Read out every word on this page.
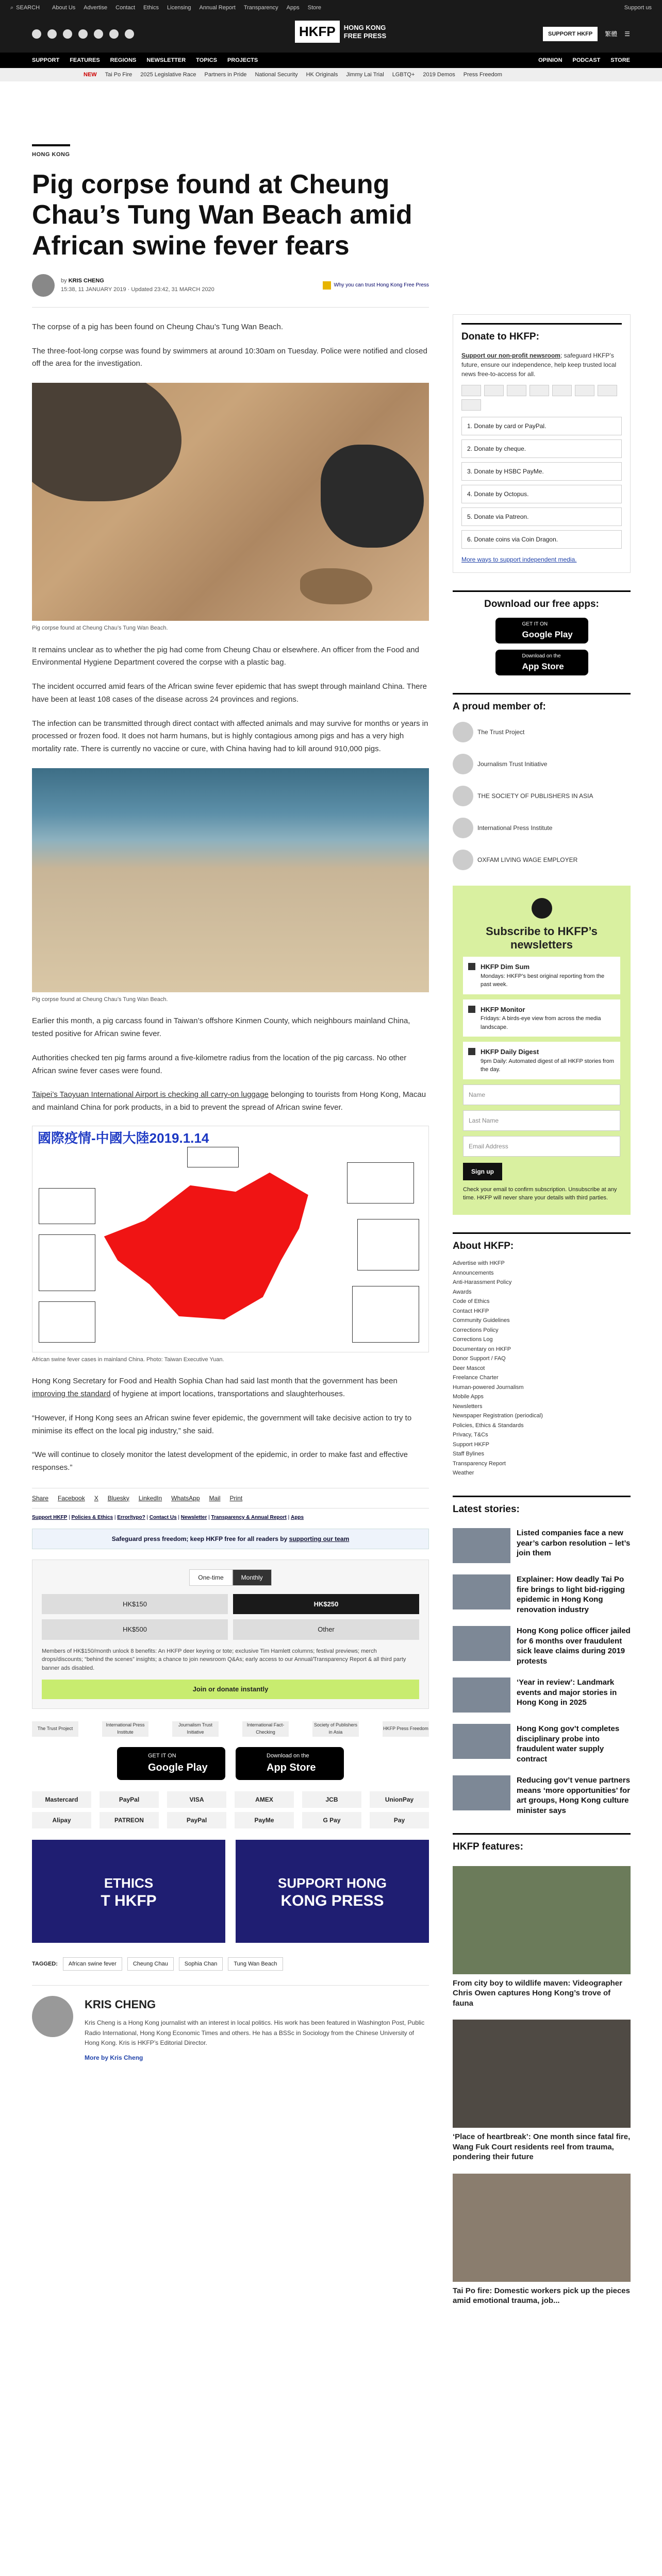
⌕ SEARCH About Us Advertise Contact Ethics Licensing Annual Report Transparency Apps Store	Support us
HKFP	HONG KONG
FREE PRESS	SUPPORT HKFP	繁體 ☰
SUPPORT FEATURES REGIONS NEWSLETTER TOPICS PROJECTS	OPINION PODCAST STORE
NEW Tai Po Fire 2025 Legislative Race Partners in Pride National Security HK Originals Jimmy Lai Trial LGBTQ+ 2019 Demos Press Freedom
HONG KONG
Pig corpse found at Cheung Chau’s Tung Wan Beach amid African swine fever fears
by KRIS CHENG
15:38, 11 JANUARY 2019 · Updated 23:42, 31 MARCH 2020
Why you can trust Hong Kong Free Press

The corpse of a pig has been found on Cheung Chau’s Tung Wan Beach.

The three-foot-long corpse was found by swimmers at around 10:30am on Tuesday. Police were notified and closed off the area for the investigation.

Pig corpse found at Cheung Chau’s Tung Wan Beach.

It remains unclear as to whether the pig had come from Cheung Chau or elsewhere. An officer from the Food and Environmental Hygiene Department covered the corpse with a plastic bag.

The incident occurred amid fears of the African swine fever epidemic that has swept through mainland China. There have been at least 108 cases of the disease across 24 provinces and regions.

The infection can be transmitted through direct contact with affected animals and may survive for months or years in processed or frozen food. It does not harm humans, but is highly contagious among pigs and has a very high mortality rate. There is currently no vaccine or cure, with China having had to kill around 910,000 pigs.

Pig corpse found at Cheung Chau’s Tung Wan Beach.

Earlier this month, a pig carcass found in Taiwan’s offshore Kinmen County, which neighbours mainland China, tested positive for African swine fever.

Authorities checked ten pig farms around a five-kilometre radius from the location of the pig carcass. No other African swine fever cases were found.

Taipei’s Taoyuan International Airport is checking all carry-on luggage belonging to tourists from Hong Kong, Macau and mainland China for pork products, in a bid to prevent the spread of African swine fever.

國際疫情-中國大陸2019.1.14
African swine fever cases in mainland China. Photo: Taiwan Executive Yuan.

Hong Kong Secretary for Food and Health Sophia Chan had said last month that the government has been improving the standard of hygiene at import locations, transportations and slaughterhouses.

“However, if Hong Kong sees an African swine fever epidemic, the government will take decisive action to try to minimise its effect on the local pig industry,” she said.

“We will continue to closely monitor the latest development of the epidemic, in order to make fast and effective responses.”

Share Facebook X Bluesky LinkedIn WhatsApp Mail Print
Support HKFP | Policies & Ethics | Error/typo? | Contact Us | Newsletter | Transparency & Annual Report | Apps
Safeguard press freedom; keep HKFP free for all readers by supporting our team
One-time	Monthly
HK$150	HK$250
HK$500	Other
Members of HK$150/month unlock 8 benefits: An HKFP deer keyring or tote; exclusive Tim Hamlett columns; festival previews; merch drops/discounts; “behind the scenes” insights; a chance to join newsroom Q&As; early access to our Annual/Transparency Report & all third party banner ads disabled.
Join or donate instantly
The Trust Project
International Press Institute
Journalism Trust Initiative
International Fact-Checking
Society of Publishers in Asia
HKFP Press Freedom
GET IT ON
Google Play
Download on the
App Store
Mastercard	PayPal	VISA	AMEX	JCB	UnionPay
Alipay	PATREON	PayPal	PayMe	G Pay	Pay
ETHICS
T HKFP
SUPPORT HONG
KONG PRESS
TAGGED:	African swine fever	Cheung Chau	Sophia Chan	Tung Wan Beach
KRIS CHENG

Kris Cheng is a Hong Kong journalist with an interest in local politics. His work has been featured in Washington Post, Public Radio International, Hong Kong Economic Times and others. He has a BSSc in Sociology from the Chinese University of Hong Kong. Kris is HKFP’s Editorial Director.

More by Kris Cheng
Donate to HKFP:
Support our non-profit newsroom; safeguard HKFP’s future, ensure our independence, help keep trusted local news free-to-access for all.
1. Donate by card or PayPal.
2. Donate by cheque.
3. Donate by HSBC PayMe.
4. Donate by Octopus.
5. Donate via Patreon.
6. Donate coins via Coin Dragon.
More ways to support independent media.
Download our free apps:
GET IT ON
Google Play
Download on the
App Store
A proud member of:
The Trust Project
Journalism Trust Initiative
THE SOCIETY OF PUBLISHERS IN ASIA
International Press Institute
OXFAM LIVING WAGE EMPLOYER
Subscribe to HKFP’s newsletters
HKFP Dim Sum
Mondays: HKFP’s best original reporting from the past week.
HKFP Monitor
Fridays: A birds-eye view from across the media landscape.
HKFP Daily Digest
9pm Daily: Automated digest of all HKFP stories from the day.
Name
Last Name
Email Address
Sign up
Check your email to confirm subscription. Unsubscribe at any time. HKFP will never share your details with third parties.
About HKFP:
Advertise with HKFP
Announcements
Anti-Harassment Policy
Awards
Code of Ethics
Contact HKFP
Community Guidelines
Corrections Policy
Corrections Log
Documentary on HKFP
Donor Support / FAQ
Deer Mascot
Freelance Charter
Human-powered Journalism
Mobile Apps
Newsletters
Newspaper Registration (periodical)
Policies, Ethics & Standards
Privacy, T&Cs
Support HKFP
Staff Bylines
Transparency Report
Weather
Latest stories:
Listed companies face a new year’s carbon resolution – let’s join them
Explainer: How deadly Tai Po fire brings to light bid-rigging epidemic in Hong Kong renovation industry
Hong Kong police officer jailed for 6 months over fraudulent sick leave claims during 2019 protests
‘Year in review’: Landmark events and major stories in Hong Kong in 2025
Hong Kong gov’t completes disciplinary probe into fraudulent water supply contract
Reducing gov’t venue partners means ‘more opportunities’ for art groups, Hong Kong culture minister says
HKFP features:
From city boy to wildlife maven: Videographer Chris Owen captures Hong Kong’s trove of fauna
‘Place of heartbreak’: One month since fatal fire, Wang Fuk Court residents reel from trauma, pondering their future
Tai Po fire: Domestic workers pick up the pieces amid emotional trauma, job...
